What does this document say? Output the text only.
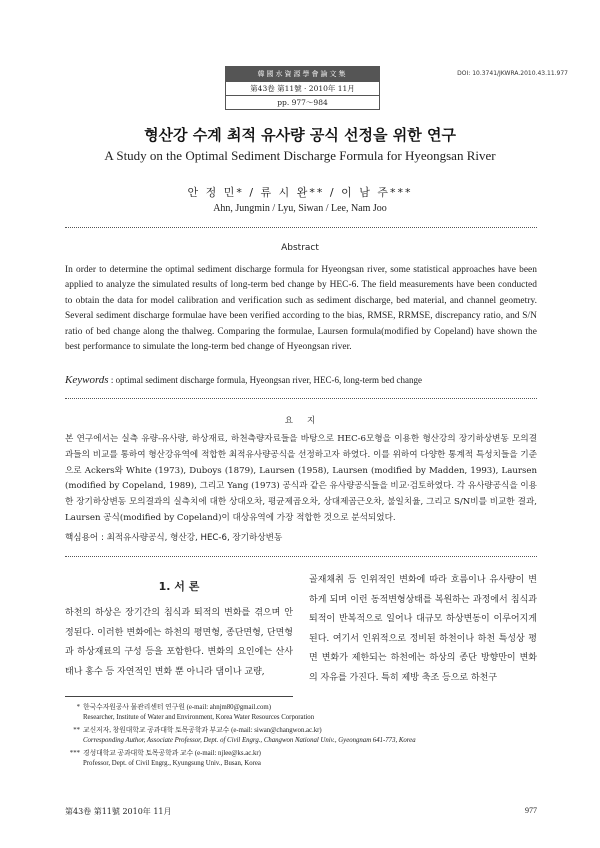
韓國水資源學會論文集
第43卷 第11號 · 2010年 11月
pp. 977～984
DOI: 10.3741/JKWRA.2010.43.11.977
형산강 수계 최적 유사량 공식 선정을 위한 연구
A Study on the Optimal Sediment Discharge Formula for Hyeongsan River
안 정 민* / 류 시 완** / 이 남 주***
Ahn, Jungmin / Lyu, Siwan / Lee, Nam Joo
Abstract
In order to determine the optimal sediment discharge formula for Hyeongsan river, some statistical approaches have been applied to analyze the simulated results of long-term bed change by HEC-6. The field measurements have been conducted to obtain the data for model calibration and verification such as sediment discharge, bed material, and channel geometry. Several sediment discharge formulae have been verified according to the bias, RMSE, RRMSE, discrepancy ratio, and S/N ratio of bed change along the thalweg. Comparing the formulae, Laursen formula(modified by Copeland) have shown the best performance to simulate the long-term bed change of Hyeongsan river.
Keywords : optimal sediment discharge formula, Hyeongsan river, HEC-6, long-term bed change
요지
본 연구에서는 실측 유량-유사량, 하상재료, 하천측량자료들을 바탕으로 HEC-6모형을 이용한 형산강의 장기하상변동 모의결과들의 비교를 통하여 형산강유역에 적합한 최적유사량공식을 선정하고자 하였다. 이를 위하여 다양한 통계적 특성치들을 기준으로 Ackers와 White (1973), Duboys (1879), Laursen (1958), Laursen (modified by Madden, 1993), Laursen (modified by Copeland, 1989), 그리고 Yang (1973) 공식과 같은 유사량공식들을 비교·검토하였다. 각 유사량공식을 이용한 장기하상변동 모의결과의 실측치에 대한 상대오차, 평균제곱오차, 상대제곱근오차, 불일치율, 그리고 S/N비를 비교한 결과, Laursen 공식(modified by Copeland)이 대상유역에 가장 적합한 것으로 분석되었다.
핵심용어 : 최적유사량공식, 형산강, HEC-6, 장기하상변동
1. 서 론
하천의 하상은 장기간의 침식과 퇴적의 변화를 겪으며 안정된다. 이러한 변화에는 하천의 평면형, 종단면형, 단면형과 하상재료의 구성 등을 포함한다. 변화의 요인에는 산사태나 홍수 등 자연적인 변화 뿐 아니라 댐이나 교량,
골재채취 등 인위적인 변화에 따라 흐름이나 유사량이 변하게 되며 이런 동적변형상태를 복원하는 과정에서 침식과 퇴적이 반복적으로 일어나 대규모 하상변동이 이루어지게 된다. 여기서 인위적으로 정비된 하천이나 하천 특성상 평면 변화가 제한되는 하천에는 하상의 종단 방향만이 변화의 자유를 가진다. 특히 제방 축조 등으로 하천구
* 한국수자원공사 물관리센터 연구원 (e-mail: ahnjm80@gmail.com)
Researcher, Institute of Water and Environment, Korea Water Resources Corporation
** 교신저자, 창원대학교 공과대학 토목공학과 부교수 (e-mail: siwan@changwon.ac.kr)
Corresponding Author, Associate Professor, Dept. of Civil Engrg., Changwon National Univ., Gyeongnam 641-773, Korea
*** 경성대학교 공과대학 토목공학과 교수 (e-mail: njlee@ks.ac.kr)
Professor, Dept. of Civil Engrg., Kyungsung Univ., Busan, Korea
第43卷 第11號 2010年 11月	977
